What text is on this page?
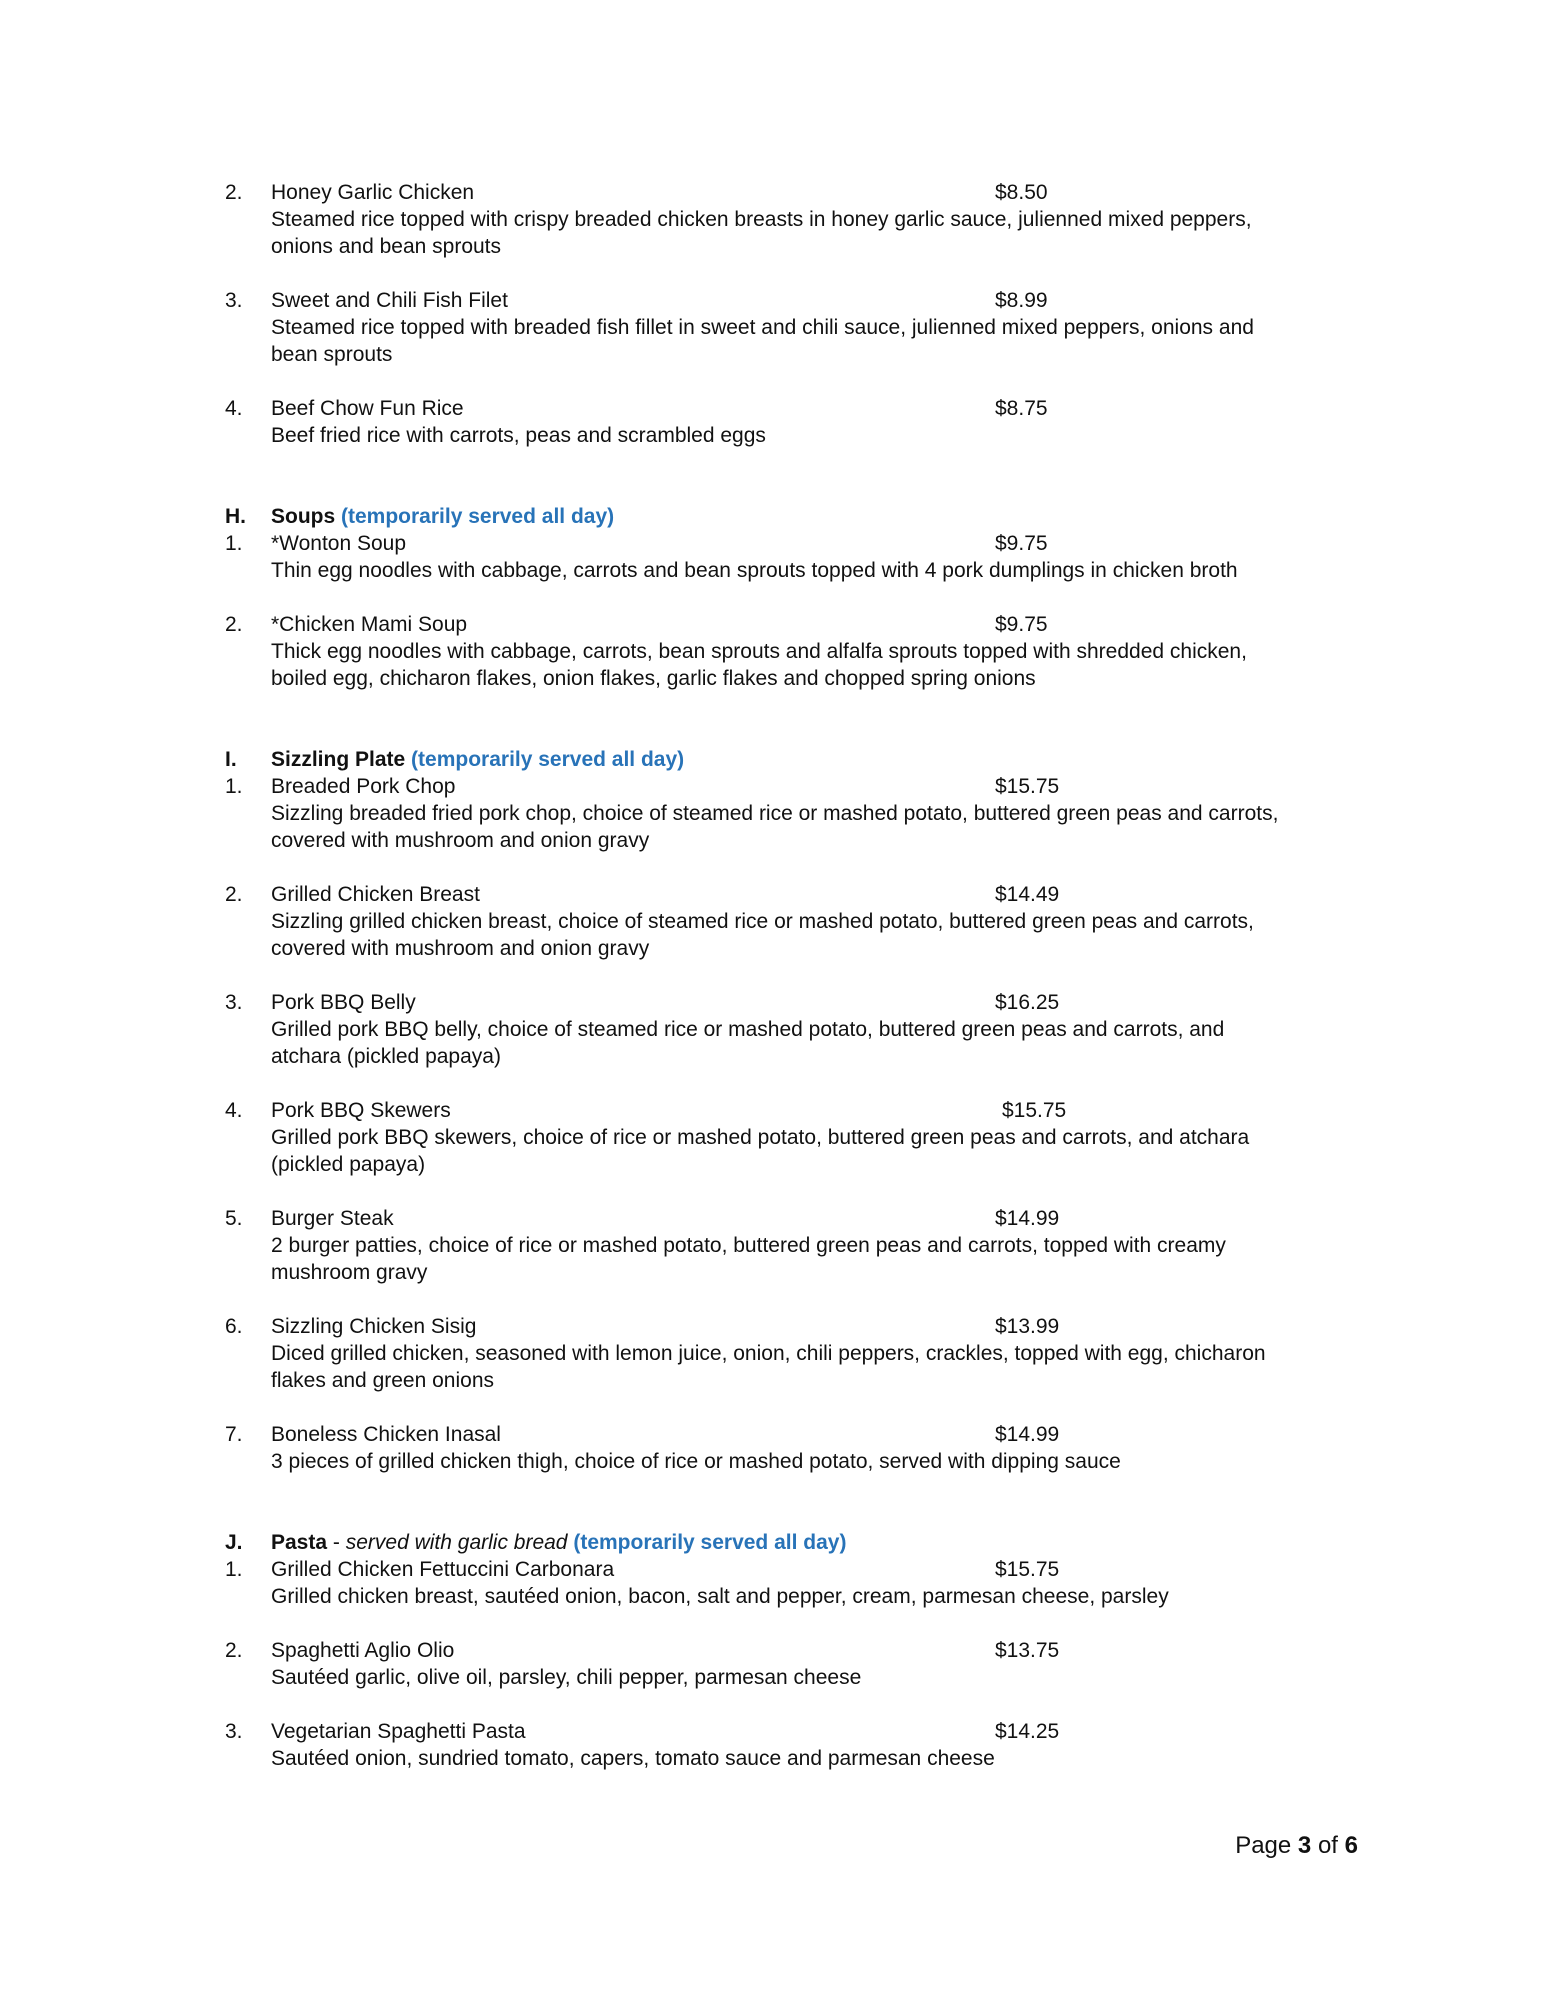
2. Honey Garlic Chicken	$8.50
Steamed rice topped with crispy breaded chicken breasts in honey garlic sauce, julienned mixed peppers,
onions and bean sprouts
3. Sweet and Chili Fish Filet	$8.99
Steamed rice topped with breaded fish fillet in sweet and chili sauce, julienned mixed peppers, onions and
bean sprouts
4. Beef Chow Fun Rice	$8.75
Beef fried rice with carrots, peas and scrambled eggs
H. Soups (temporarily served all day)
1. *Wonton Soup	$9.75
Thin egg noodles with cabbage, carrots and bean sprouts topped with 4 pork dumplings in chicken broth
2. *Chicken Mami Soup	$9.75
Thick egg noodles with cabbage, carrots, bean sprouts and alfalfa sprouts topped with shredded chicken,
boiled egg, chicharon flakes, onion flakes, garlic flakes and chopped spring onions
I. Sizzling Plate (temporarily served all day)
1. Breaded Pork Chop	$15.75
Sizzling breaded fried pork chop, choice of steamed rice or mashed potato, buttered green peas and carrots,
covered with mushroom and onion gravy
2. Grilled Chicken Breast	$14.49
Sizzling grilled chicken breast, choice of steamed rice or mashed potato, buttered green peas and carrots,
covered with mushroom and onion gravy
3. Pork BBQ Belly	$16.25
Grilled pork BBQ belly, choice of steamed rice or mashed potato, buttered green peas and carrots, and
atchara (pickled papaya)
4. Pork BBQ Skewers	$15.75
Grilled pork BBQ skewers, choice of rice or mashed potato, buttered green peas and carrots, and atchara
(pickled papaya)
5. Burger Steak	$14.99
2 burger patties, choice of rice or mashed potato, buttered green peas and carrots, topped with creamy
mushroom gravy
6. Sizzling Chicken Sisig	$13.99
Diced grilled chicken, seasoned with lemon juice, onion, chili peppers, crackles, topped with egg, chicharon
flakes and green onions
7. Boneless Chicken Inasal	$14.99
3 pieces of grilled chicken thigh, choice of rice or mashed potato, served with dipping sauce
J. Pasta - served with garlic bread (temporarily served all day)
1. Grilled Chicken Fettuccini Carbonara	$15.75
Grilled chicken breast, sautéed onion, bacon, salt and pepper, cream, parmesan cheese, parsley
2. Spaghetti Aglio Olio	$13.75
Sautéed garlic, olive oil, parsley, chili pepper, parmesan cheese
3. Vegetarian Spaghetti Pasta	$14.25
Sautéed onion, sundried tomato, capers, tomato sauce and parmesan cheese
Page 3 of 6
